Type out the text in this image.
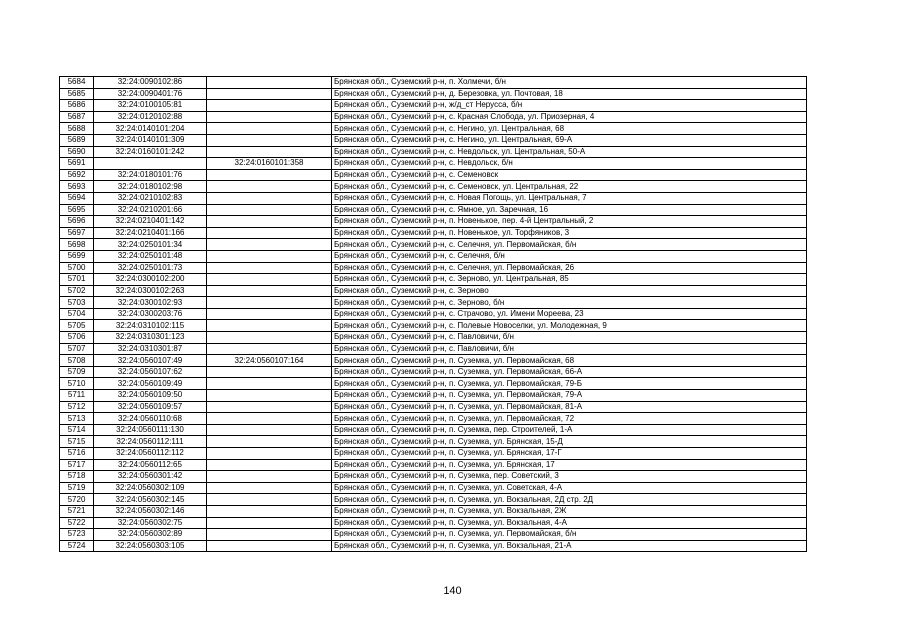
5684	32:24:0090102:86		Брянская обл., Суземский р-н, п. Холмечи, б/н
5685	32:24:0090401:76		Брянская обл., Суземский р-н, д. Березовка, ул. Почтовая, 18
5686	32:24:0100105:81		Брянская обл., Суземский р-н, ж/д_ст Нерусса, б/н
5687	32:24:0120102:88		Брянская обл., Суземский р-н, с. Красная Слобода, ул. Приозерная, 4
5688	32:24:0140101:204		Брянская обл., Суземский р-н, с. Негино, ул. Центральная, 68
5689	32:24:0140101:309		Брянская обл., Суземский р-н, с. Негино, ул. Центральная, 69-А
5690	32:24:0160101:242		Брянская обл., Суземский р-н, с. Невдольск, ул. Центральная, 50-А
5691		32:24:0160101:358	Брянская обл., Суземский р-н, с. Невдольск, б/н
5692	32:24:0180101:76		Брянская обл., Суземский р-н, с. Семеновск
5693	32:24:0180102:98		Брянская обл., Суземский р-н, с. Семеновск, ул. Центральная, 22
5694	32:24:0210102:83		Брянская обл., Суземский р-н, с. Новая Погощь, ул. Центральная, 7
5695	32:24:0210201:66		Брянская обл., Суземский р-н, с. Ямное, ул. Заречная, 16
5696	32:24:0210401:142		Брянская обл., Суземский р-н, п. Новенькое, пер. 4-й Центральный, 2
5697	32:24:0210401:166		Брянская обл., Суземский р-н, п. Новенькое, ул. Торфяников, 3
5698	32:24:0250101:34		Брянская обл., Суземский р-н, с. Селечня, ул. Первомайская, б/н
5699	32:24:0250101:48		Брянская обл., Суземский р-н, с. Селечня, б/н
5700	32:24:0250101:73		Брянская обл., Суземский р-н, с. Селечня, ул. Первомайская, 26
5701	32:24:0300102:200		Брянская обл., Суземский р-н, с. Зерново, ул. Центральная, 85
5702	32:24:0300102:263		Брянская обл., Суземский р-н, с. Зерново
5703	32:24:0300102:93		Брянская обл., Суземский р-н, с. Зерново, б/н
5704	32:24:0300203:76		Брянская обл., Суземский р-н, с. Страчово, ул. Имени Мореева, 23
5705	32:24:0310102:115		Брянская обл., Суземский р-н, с. Полевые Новоселки, ул. Молодежная, 9
5706	32:24:0310301:123		Брянская обл., Суземский р-н, с. Павловичи, б/н
5707	32:24:0310301:87		Брянская обл., Суземский р-н, с. Павловичи, б/н
5708	32:24:0560107:49	32:24:0560107:164	Брянская обл., Суземский р-н, п. Суземка, ул. Первомайская, 68
5709	32:24:0560107:62		Брянская обл., Суземский р-н, п. Суземка, ул. Первомайская, 66-А
5710	32:24:0560109:49		Брянская обл., Суземский р-н, п. Суземка, ул. Первомайская, 79-Б
5711	32:24:0560109:50		Брянская обл., Суземский р-н, п. Суземка, ул. Первомайская, 79-А
5712	32:24:0560109:57		Брянская обл., Суземский р-н, п. Суземка, ул. Первомайская, 81-А
5713	32:24:0560110:68		Брянская обл., Суземский р-н, п. Суземка, ул. Первомайская, 72
5714	32:24:0560111:130		Брянская обл., Суземский р-н, п. Суземка, пер. Строителей, 1-А
5715	32:24:0560112:111		Брянская обл., Суземский р-н, п. Суземка, ул. Брянская, 15-Д
5716	32:24:0560112:112		Брянская обл., Суземский р-н, п. Суземка, ул. Брянская, 17-Г
5717	32:24:0560112:65		Брянская обл., Суземский р-н, п. Суземка, ул. Брянская, 17
5718	32:24:0560301:42		Брянская обл., Суземский р-н, п. Суземка, пер. Советский, 3
5719	32:24:0560302:109		Брянская обл., Суземский р-н, п. Суземка, ул. Советская, 4-А
5720	32:24:0560302:145		Брянская обл., Суземский р-н, п. Суземка, ул. Вокзальная, 2Д стр. 2Д
5721	32:24:0560302:146		Брянская обл., Суземский р-н, п. Суземка, ул. Вокзальная, 2Ж
5722	32:24:0560302:75		Брянская обл., Суземский р-н, п. Суземка, ул. Вокзальная, 4-А
5723	32:24:0560302:89		Брянская обл., Суземский р-н, п. Суземка, ул. Первомайская, б/н
5724	32:24:0560303:105		Брянская обл., Суземский р-н, п. Суземка, ул. Вокзальная, 21-А
140
